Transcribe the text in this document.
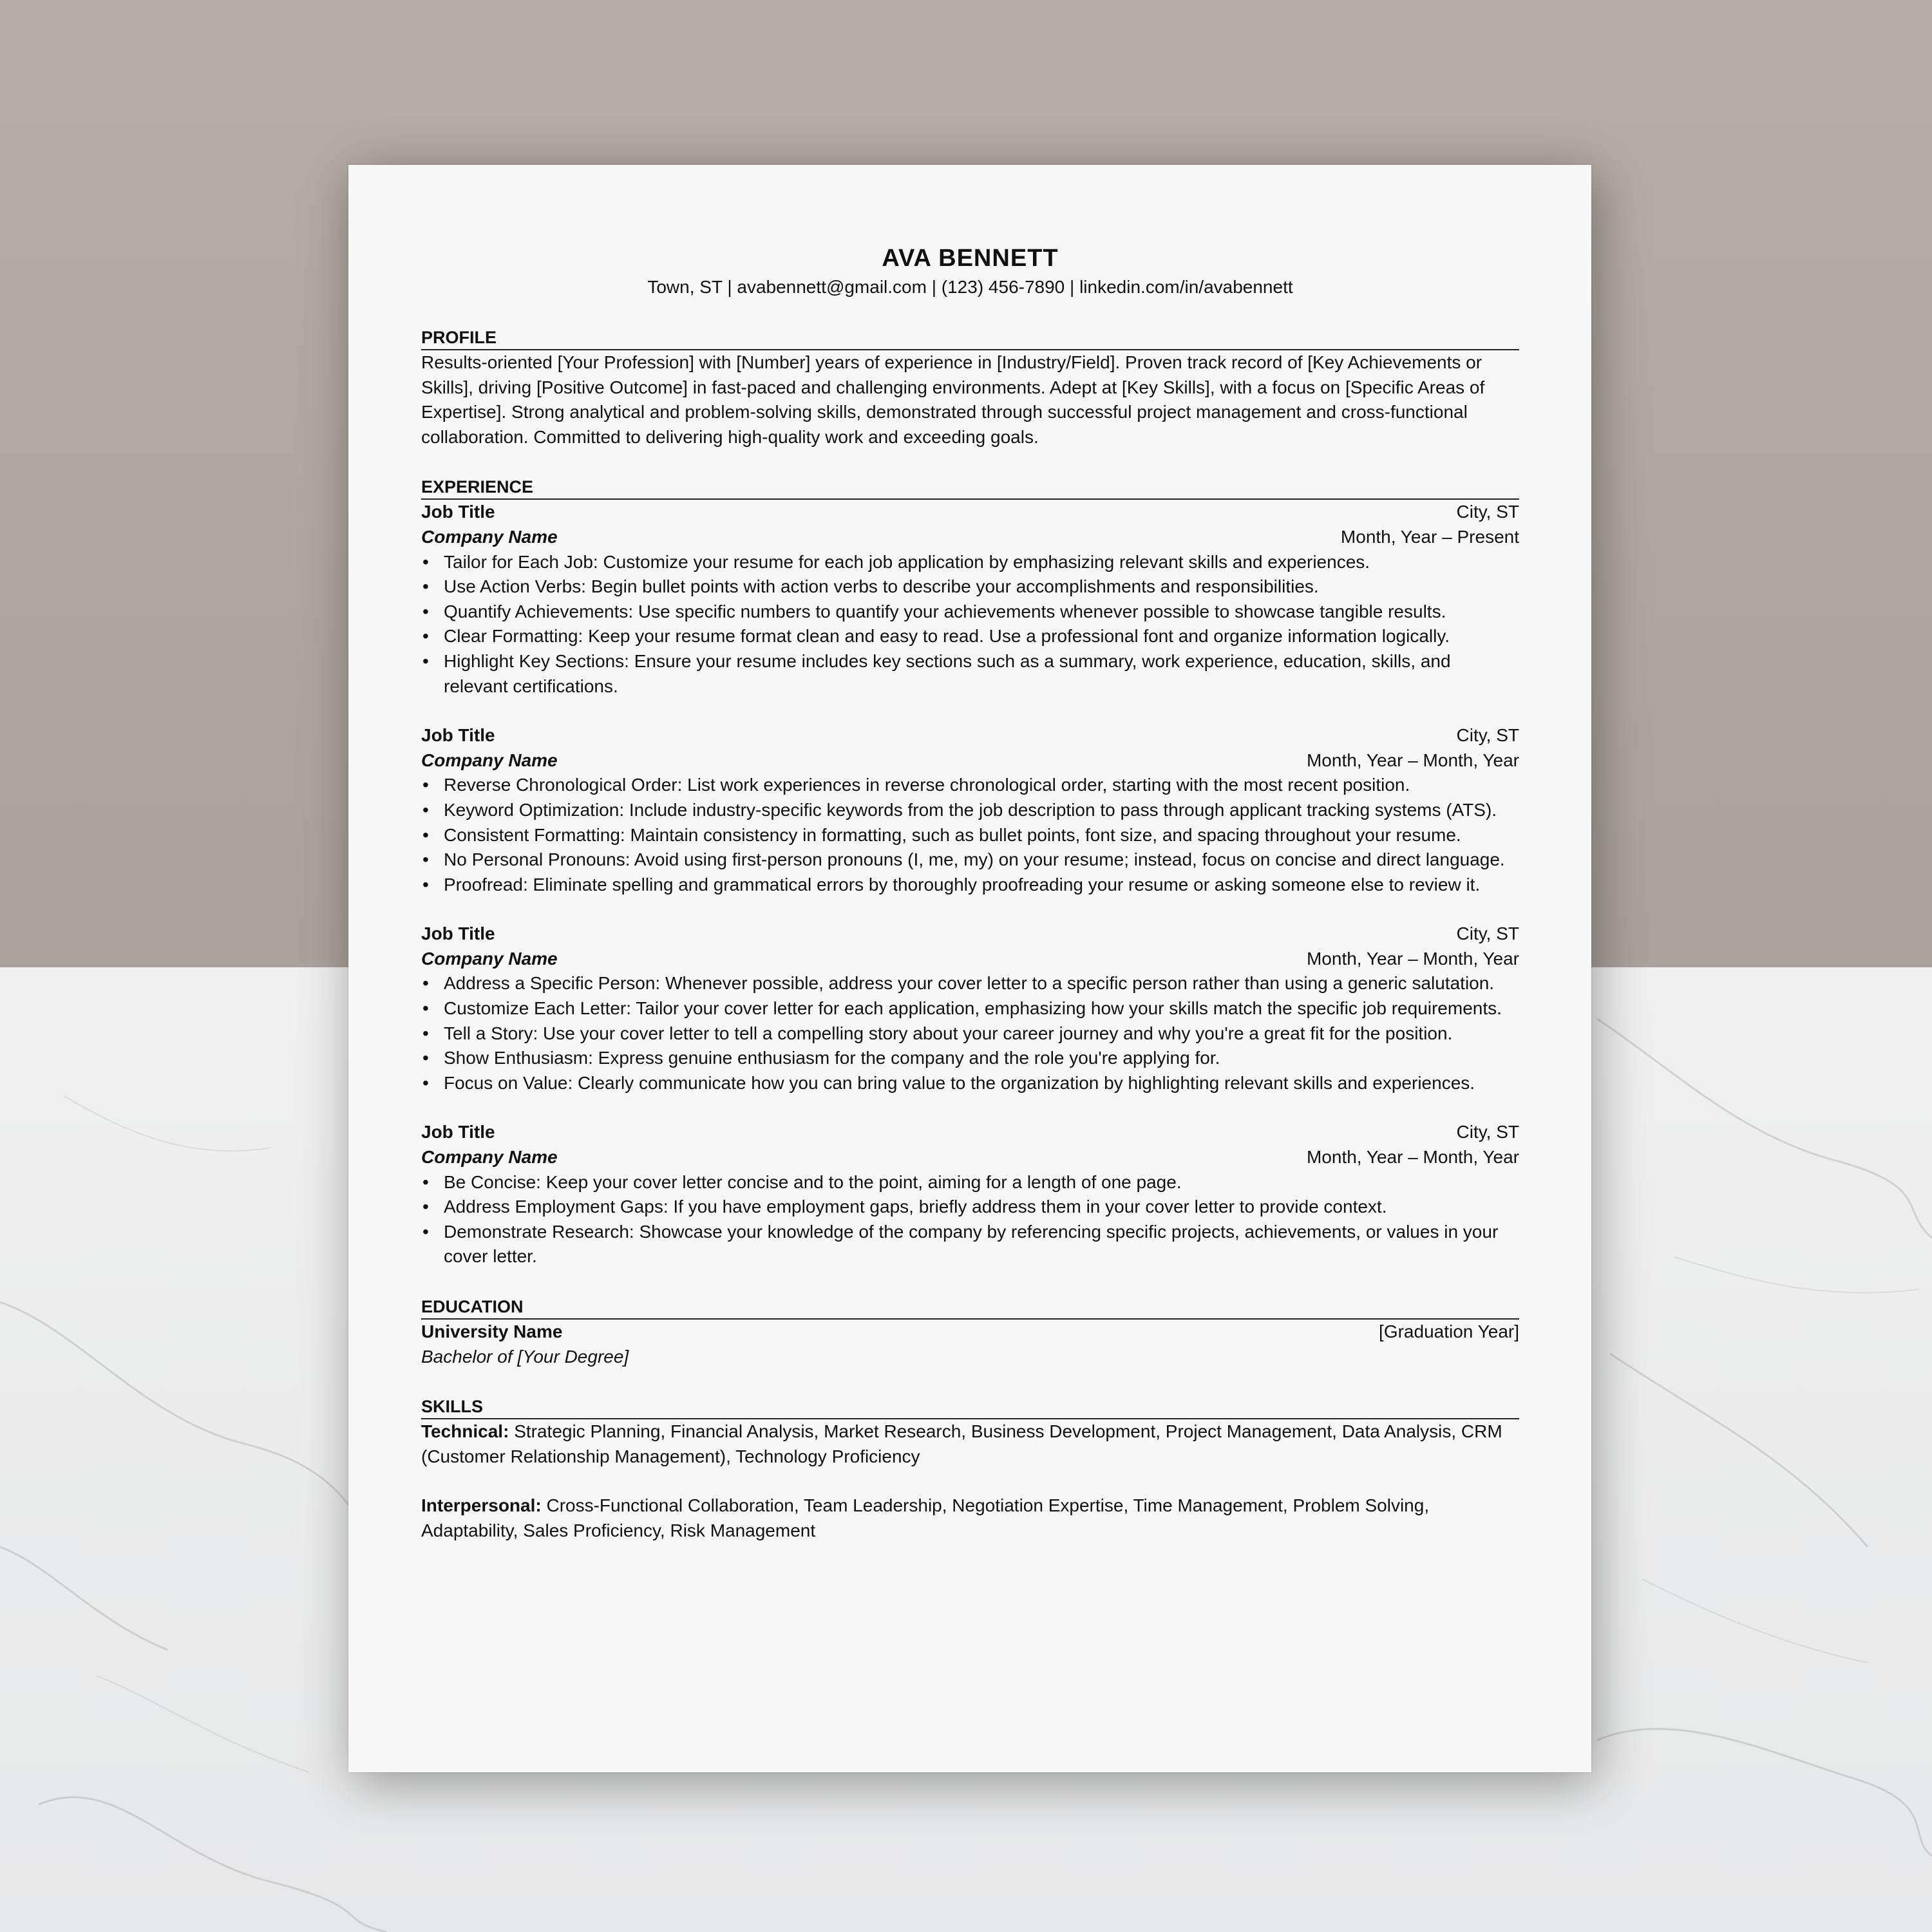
AVA BENNETT
Town, ST | avabennett@gmail.com | (123) 456-7890 | linkedin.com/in/avabennett
PROFILE

Results-oriented [Your Profession] with [Number] years of experience in [Industry/Field]. Proven track record of [Key Achievements or Skills], driving [Positive Outcome] in fast-paced and challenging environments. Adept at [Key Skills], with a focus on [Specific Areas of Expertise]. Strong analytical and problem-solving skills, demonstrated through successful project management and cross-functional collaboration. Committed to delivering high-quality work and exceeding goals.

EXPERIENCE
Job Title	City, ST
Company Name	Month, Year – Present
• Tailor for Each Job: Customize your resume for each job application by emphasizing relevant skills and experiences.
• Use Action Verbs: Begin bullet points with action verbs to describe your accomplishments and responsibilities.
• Quantify Achievements: Use specific numbers to quantify your achievements whenever possible to showcase tangible results.
• Clear Formatting: Keep your resume format clean and easy to read. Use a professional font and organize information logically.
• Highlight Key Sections: Ensure your resume includes key sections such as a summary, work experience, education, skills, and relevant certifications.
Job Title	City, ST
Company Name	Month, Year – Month, Year
• Reverse Chronological Order: List work experiences in reverse chronological order, starting with the most recent position.
• Keyword Optimization: Include industry-specific keywords from the job description to pass through applicant tracking systems (ATS).
• Consistent Formatting: Maintain consistency in formatting, such as bullet points, font size, and spacing throughout your resume.
• No Personal Pronouns: Avoid using first-person pronouns (I, me, my) on your resume; instead, focus on concise and direct language.
• Proofread: Eliminate spelling and grammatical errors by thoroughly proofreading your resume or asking someone else to review it.
Job Title	City, ST
Company Name	Month, Year – Month, Year
• Address a Specific Person: Whenever possible, address your cover letter to a specific person rather than using a generic salutation.
• Customize Each Letter: Tailor your cover letter for each application, emphasizing how your skills match the specific job requirements.
• Tell a Story: Use your cover letter to tell a compelling story about your career journey and why you're a great fit for the position.
• Show Enthusiasm: Express genuine enthusiasm for the company and the role you're applying for.
• Focus on Value: Clearly communicate how you can bring value to the organization by highlighting relevant skills and experiences.
Job Title	City, ST
Company Name	Month, Year – Month, Year
• Be Concise: Keep your cover letter concise and to the point, aiming for a length of one page.
• Address Employment Gaps: If you have employment gaps, briefly address them in your cover letter to provide context.
• Demonstrate Research: Showcase your knowledge of the company by referencing specific projects, achievements, or values in your cover letter.
EDUCATION
University Name	[Graduation Year]
Bachelor of [Your Degree]
SKILLS
Technical: Strategic Planning, Financial Analysis, Market Research, Business Development, Project Management, Data Analysis, CRM (Customer Relationship Management), Technology Proficiency
Interpersonal: Cross-Functional Collaboration, Team Leadership, Negotiation Expertise, Time Management, Problem Solving, Adaptability, Sales Proficiency, Risk Management
